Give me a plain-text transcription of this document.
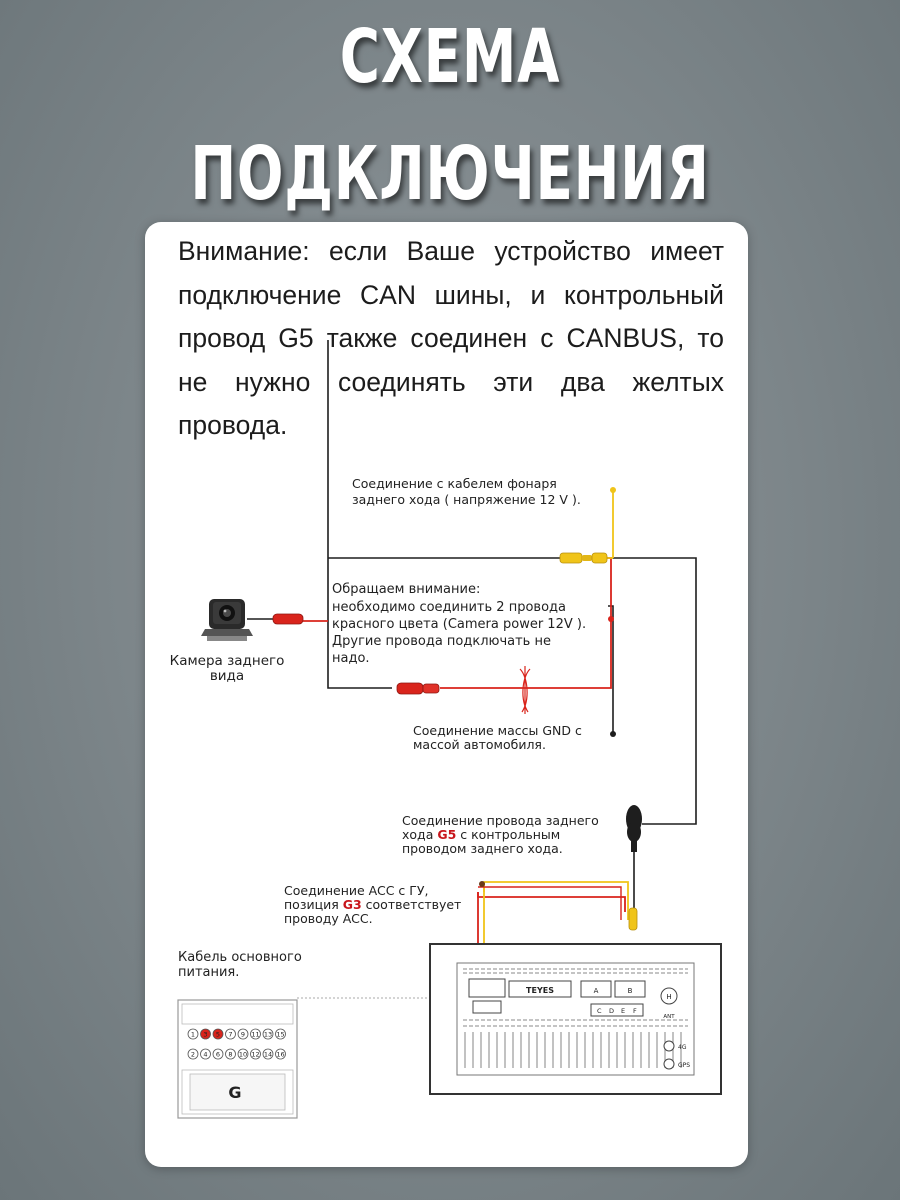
СХЕМА
ПОДКЛЮЧЕНИЯ
Внимание: если Ваше устройство имеет подключение CAN шины, и контрольный провод G5 также соединен с CANBUS, то не нужно соединять эти два желтых провода.
Соединение с кабелем фонаря
заднего хода ( напряжение 12 V ).
Обращаем внимание:
необходимо соединить 2 провода
красного цвета (Camera power 12V ).
Другие провода подключать не
надо.
Камера заднего
вида
Соединение массы GND с
массой автомобиля.
Соединение провода заднего
хода G5 с контрольным
проводом заднего хода.
Соединение ACC с ГУ,
позиция G3 соответствует
проводу ACC.
Кабель основного
питания.
1 3 5 7 9 11 13 15
2 4 6 8 10 12 14 16
G
TEYES	A	B
C D E F
H
ANT
4G
GPS
